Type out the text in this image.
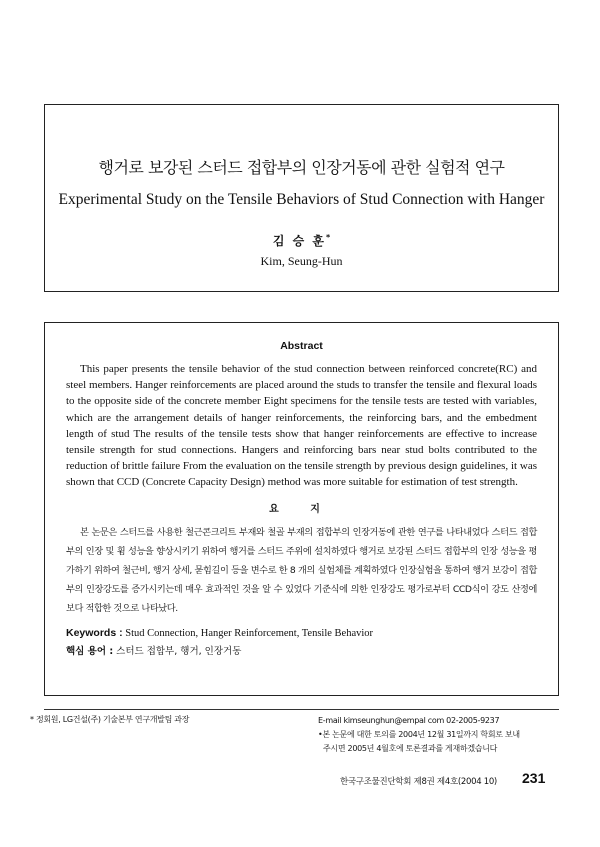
행거로 보강된 스터드 접합부의 인장거동에 관한 실험적 연구
Experimental Study on the Tensile Behaviors of Stud Connection with Hanger
김 승 훈*
Kim, Seung-Hun
Abstract
This paper presents the tensile behavior of the stud connection between reinforced concrete(RC) and steel members. Hanger reinforcements are placed around the studs to transfer the tensile and flexural loads to the opposite side of the concrete member Eight specimens for the tensile tests are tested with variables, which are the arrangement details of hanger reinforcements, the reinforcing bars, and the embedment length of stud The results of the tensile tests show that hanger reinforcements are effective to increase tensile strength for stud connections. Hangers and reinforcing bars near stud bolts contributed to the reduction of brittle failure From the evaluation on the tensile strength by previous design guidelines, it was shown that CCD (Concrete Capacity Design) method was more suitable for estimation of test strength.
요 지
본 논문은 스터드를 사용한 철근콘크리트 부재와 철골 부재의 접합부의 인장거동에 관한 연구를 나타내었다 스터드 접합부의 인장 및 휨 성능을 향상시키기 위하여 행거를 스터드 주위에 설치하였다 행거로 보강된 스터드 접합부의 인장 성능을 평가하기 위하여 철근비, 행거 상세, 묻힘길이 등을 변수로 한 8 개의 실험체를 계획하였다 인장실험을 통하여 행거 보강이 접합부의 인장강도를 증가시키는데 매우 효과적인 것을 알 수 있었다 기준식에 의한 인장강도 평가로부터 CCD식이 강도 산정에 보다 적합한 것으로 나타났다.
Keywords : Stud Connection, Hanger Reinforcement, Tensile Behavior
핵심 용어 : 스터드 접합부, 행거, 인장거동
* 정회원, LG건설(주) 기술본부 연구개발팀 과장	E-mail kimseunghun@empal com 02-2005-9237
•본 논문에 대한 토의를 2004년 12월 31일까지 학회로 보내
주시면 2005년 4월호에 토론결과를 게재하겠습니다
한국구조물진단학회 제8권 제4호(2004 10) 231
